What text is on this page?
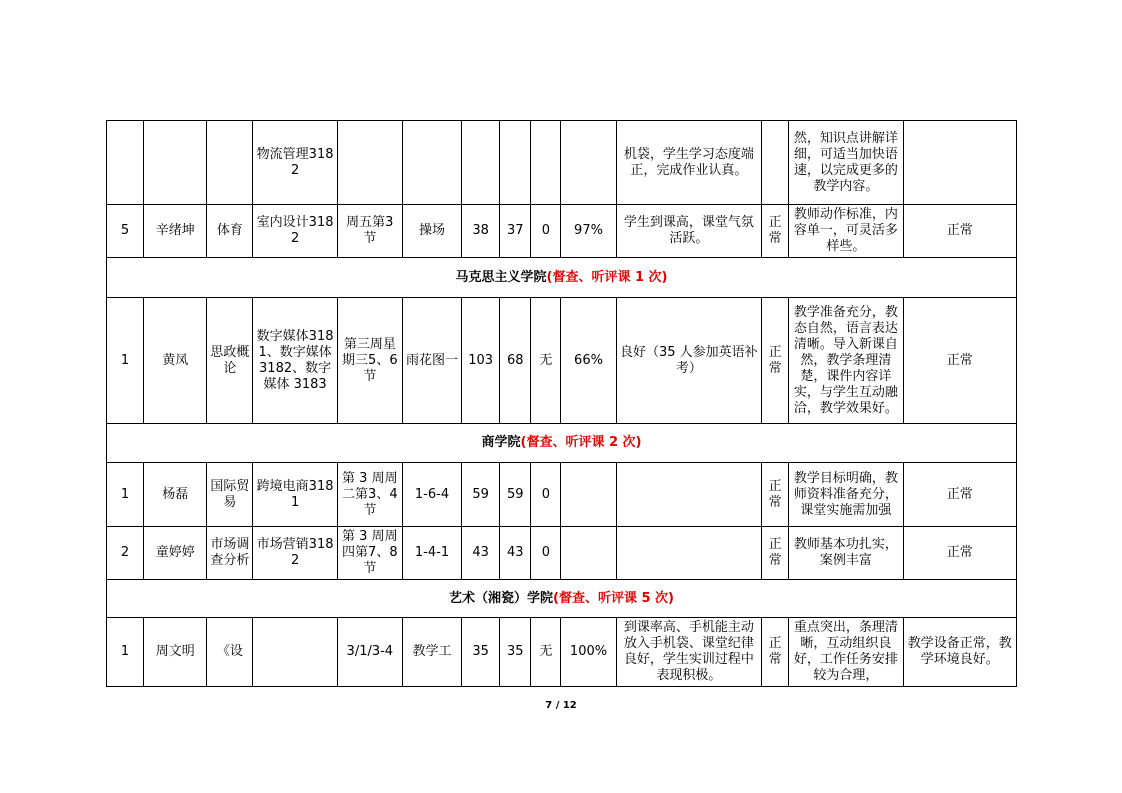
			物流管理3182							机袋，学生学习态度端正，完成作业认真。		然，知识点讲解详细，可适当加快语速，以完成更多的教学内容。	
5	辛绪坤	体育	室内设计3182	周五第3节	操场	38	37	0	97%	学生到课高，课堂气氛活跃。	正常	教师动作标准，内容单一，可灵活多样些。	正常
马克思主义学院(督查、听评课 1 次)													
1	黄凤	思政概论	数字媒体3181、数字媒体3182、数字媒体 3183	第三周星期三5、6 节	雨花图一	103	68	无	66%	良好（35 人参加英语补考）	正常	教学准备充分，教态自然，语言表达清晰。导入新课自然，教学条理清楚，课件内容详实，与学生互动融洽，教学效果好。	正常
商学院(督查、听评课 2 次)													
1	杨磊	国际贸易	跨境电商3181	第 3 周周二第3、4 节	1-6-4	59	59	0			正常	教学目标明确，教师资料准备充分，课堂实施需加强	正常
2	童婷婷	市场调查分析	市场营销3182	第 3 周周四第7、8 节	1-4-1	43	43	0			正常	教师基本功扎实，案例丰富	正常
艺术（湘瓷）学院(督查、听评课 5 次)													
1	周文明	《设		3/1/3-4	教学工	35	35	无	100%	到课率高、手机能主动放入手机袋、课堂纪律良好，学生实训过程中表现积极。	正常	重点突出，条理清晰，互动组织良好，工作任务安排较为合理，	教学设备正常，教学环境良好。
7 / 12
